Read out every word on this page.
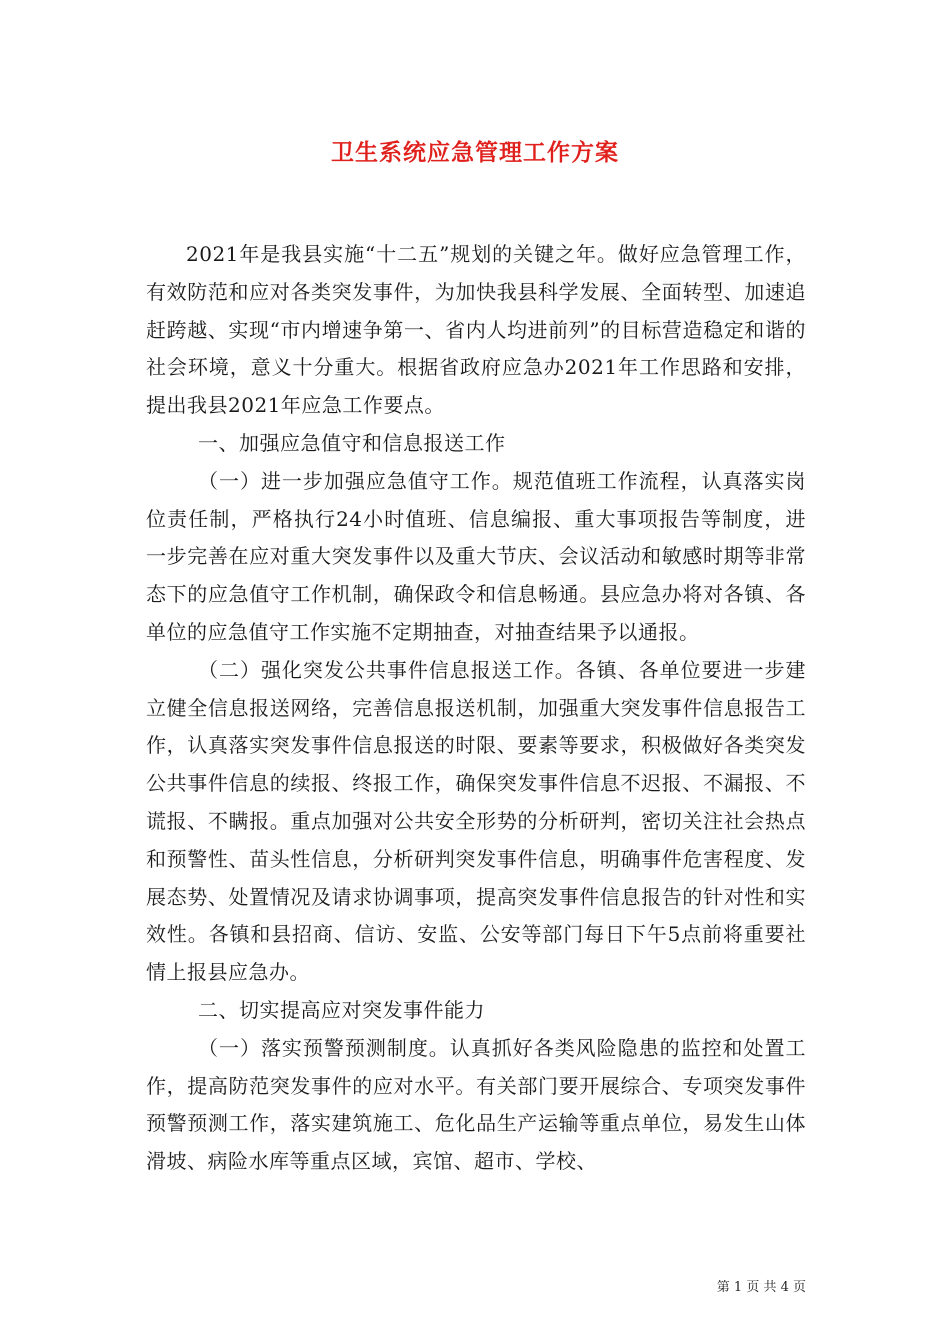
卫生系统应急管理工作方案

2021年是我县实施“十二五”规划的关键之年。做好应急管理工作，有效防范和应对各类突发事件，为加快我县科学发展、全面转型、加速追赶跨越、实现“市内增速争第一、省内人均进前列”的目标营造稳定和谐的社会环境，意义十分重大。根据省政府应急办2021年工作思路和安排，提出我县2021年应急工作要点。

一、加强应急值守和信息报送工作

（一）进一步加强应急值守工作。规范值班工作流程，认真落实岗位责任制，严格执行24小时值班、信息编报、重大事项报告等制度，进一步完善在应对重大突发事件以及重大节庆、会议活动和敏感时期等非常态下的应急值守工作机制，确保政令和信息畅通。县应急办将对各镇、各单位的应急值守工作实施不定期抽查，对抽查结果予以通报。

（二）强化突发公共事件信息报送工作。各镇、各单位要进一步建立健全信息报送网络，完善信息报送机制，加强重大突发事件信息报告工作，认真落实突发事件信息报送的时限、要素等要求，积极做好各类突发公共事件信息的续报、终报工作，确保突发事件信息不迟报、不漏报、不谎报、不瞒报。重点加强对公共安全形势的分析研判，密切关注社会热点和预警性、苗头性信息，分析研判突发事件信息，明确事件危害程度、发展态势、处置情况及请求协调事项，提高突发事件信息报告的针对性和实效性。各镇和县招商、信访、安监、公安等部门每日下午5点前将重要社情上报县应急办。

二、切实提高应对突发事件能力

（一）落实预警预测制度。认真抓好各类风险隐患的监控和处置工作，提高防范突发事件的应对水平。有关部门要开展综合、专项突发事件预警预测工作，落实建筑施工、危化品生产运输等重点单位，易发生山体滑坡、病险水库等重点区域，宾馆、超市、学校、

第 1 页 共 4 页
